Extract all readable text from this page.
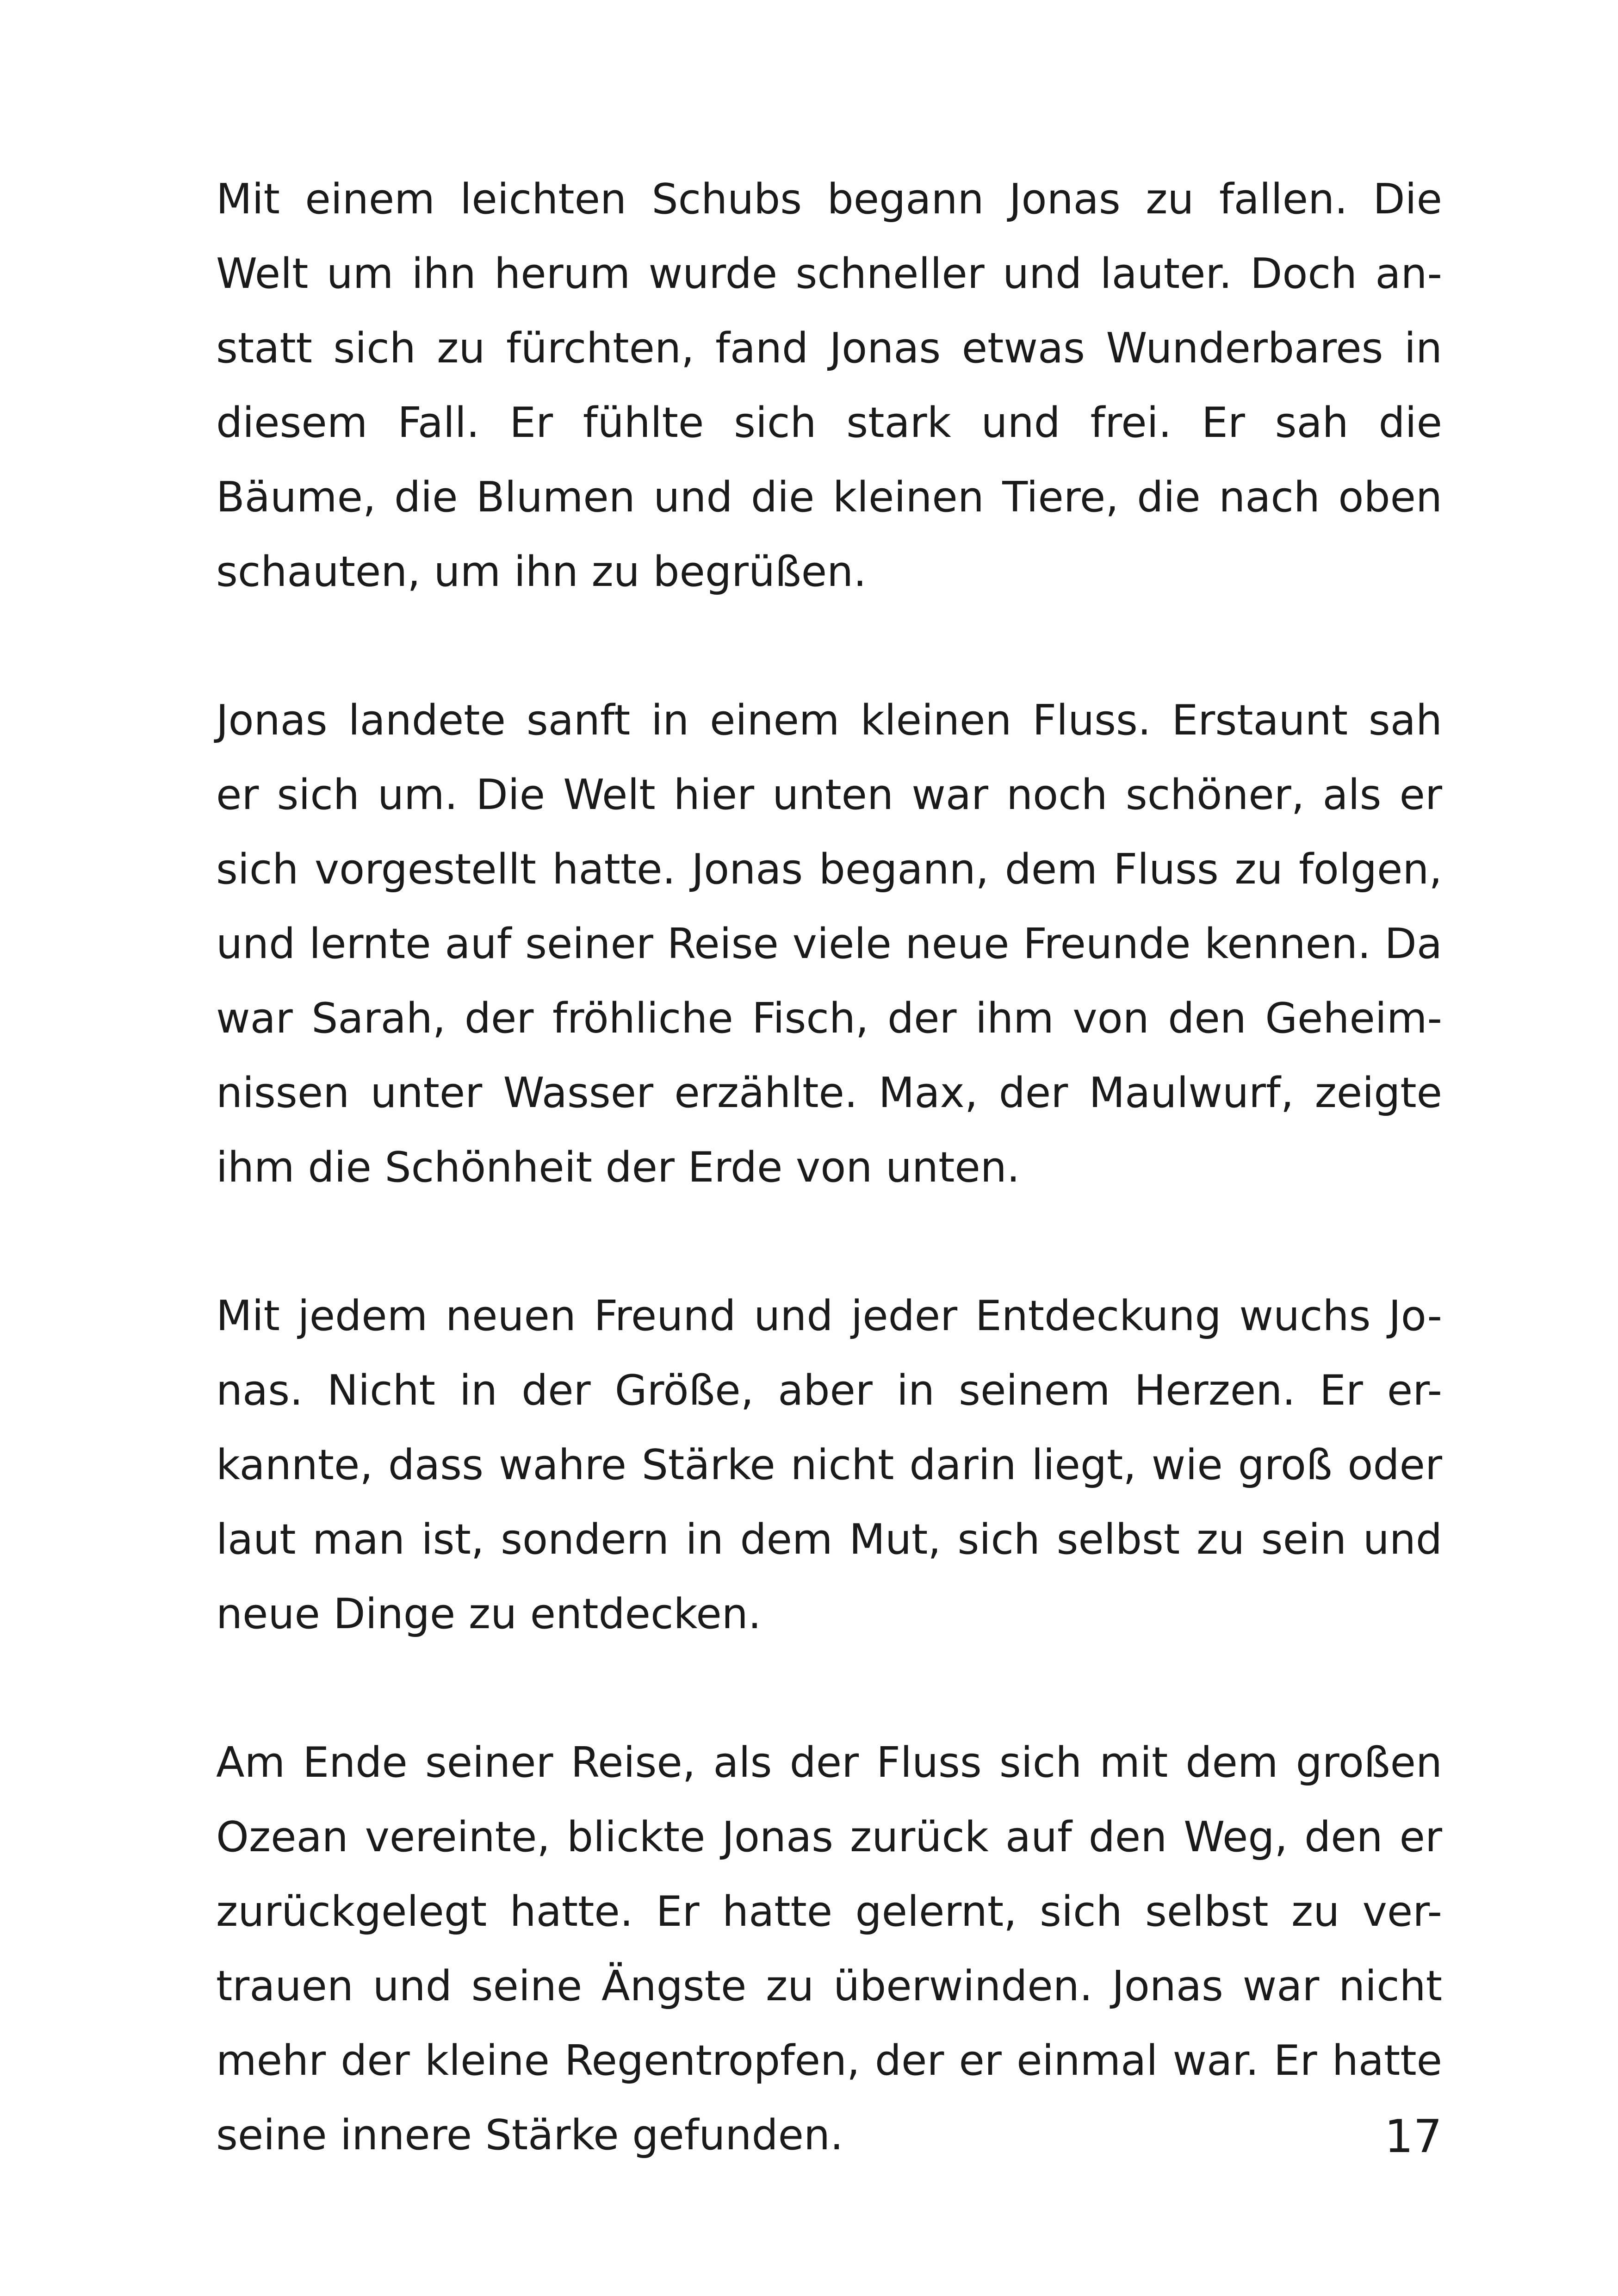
Mit einem leichten Schubs begann Jonas zu fallen. Die
Welt um ihn herum wurde schneller und lauter. Doch an-
statt sich zu fürchten, fand Jonas etwas Wunderbares in
diesem Fall. Er fühlte sich stark und frei. Er sah die
Bäume, die Blumen und die kleinen Tiere, die nach oben
schauten, um ihn zu begrüßen.

Jonas landete sanft in einem kleinen Fluss. Erstaunt sah
er sich um. Die Welt hier unten war noch schöner, als er
sich vorgestellt hatte. Jonas begann, dem Fluss zu folgen,
und lernte auf seiner Reise viele neue Freunde kennen. Da
war Sarah, der fröhliche Fisch, der ihm von den Geheim-
nissen unter Wasser erzählte. Max, der Maulwurf, zeigte
ihm die Schönheit der Erde von unten.

Mit jedem neuen Freund und jeder Entdeckung wuchs Jo-
nas. Nicht in der Größe, aber in seinem Herzen. Er er-
kannte, dass wahre Stärke nicht darin liegt, wie groß oder
laut man ist, sondern in dem Mut, sich selbst zu sein und
neue Dinge zu entdecken.

Am Ende seiner Reise, als der Fluss sich mit dem großen
Ozean vereinte, blickte Jonas zurück auf den Weg, den er
zurückgelegt hatte. Er hatte gelernt, sich selbst zu ver-
trauen und seine Ängste zu überwinden. Jonas war nicht
mehr der kleine Regentropfen, der er einmal war. Er hatte
seine innere Stärke gefunden.	17
